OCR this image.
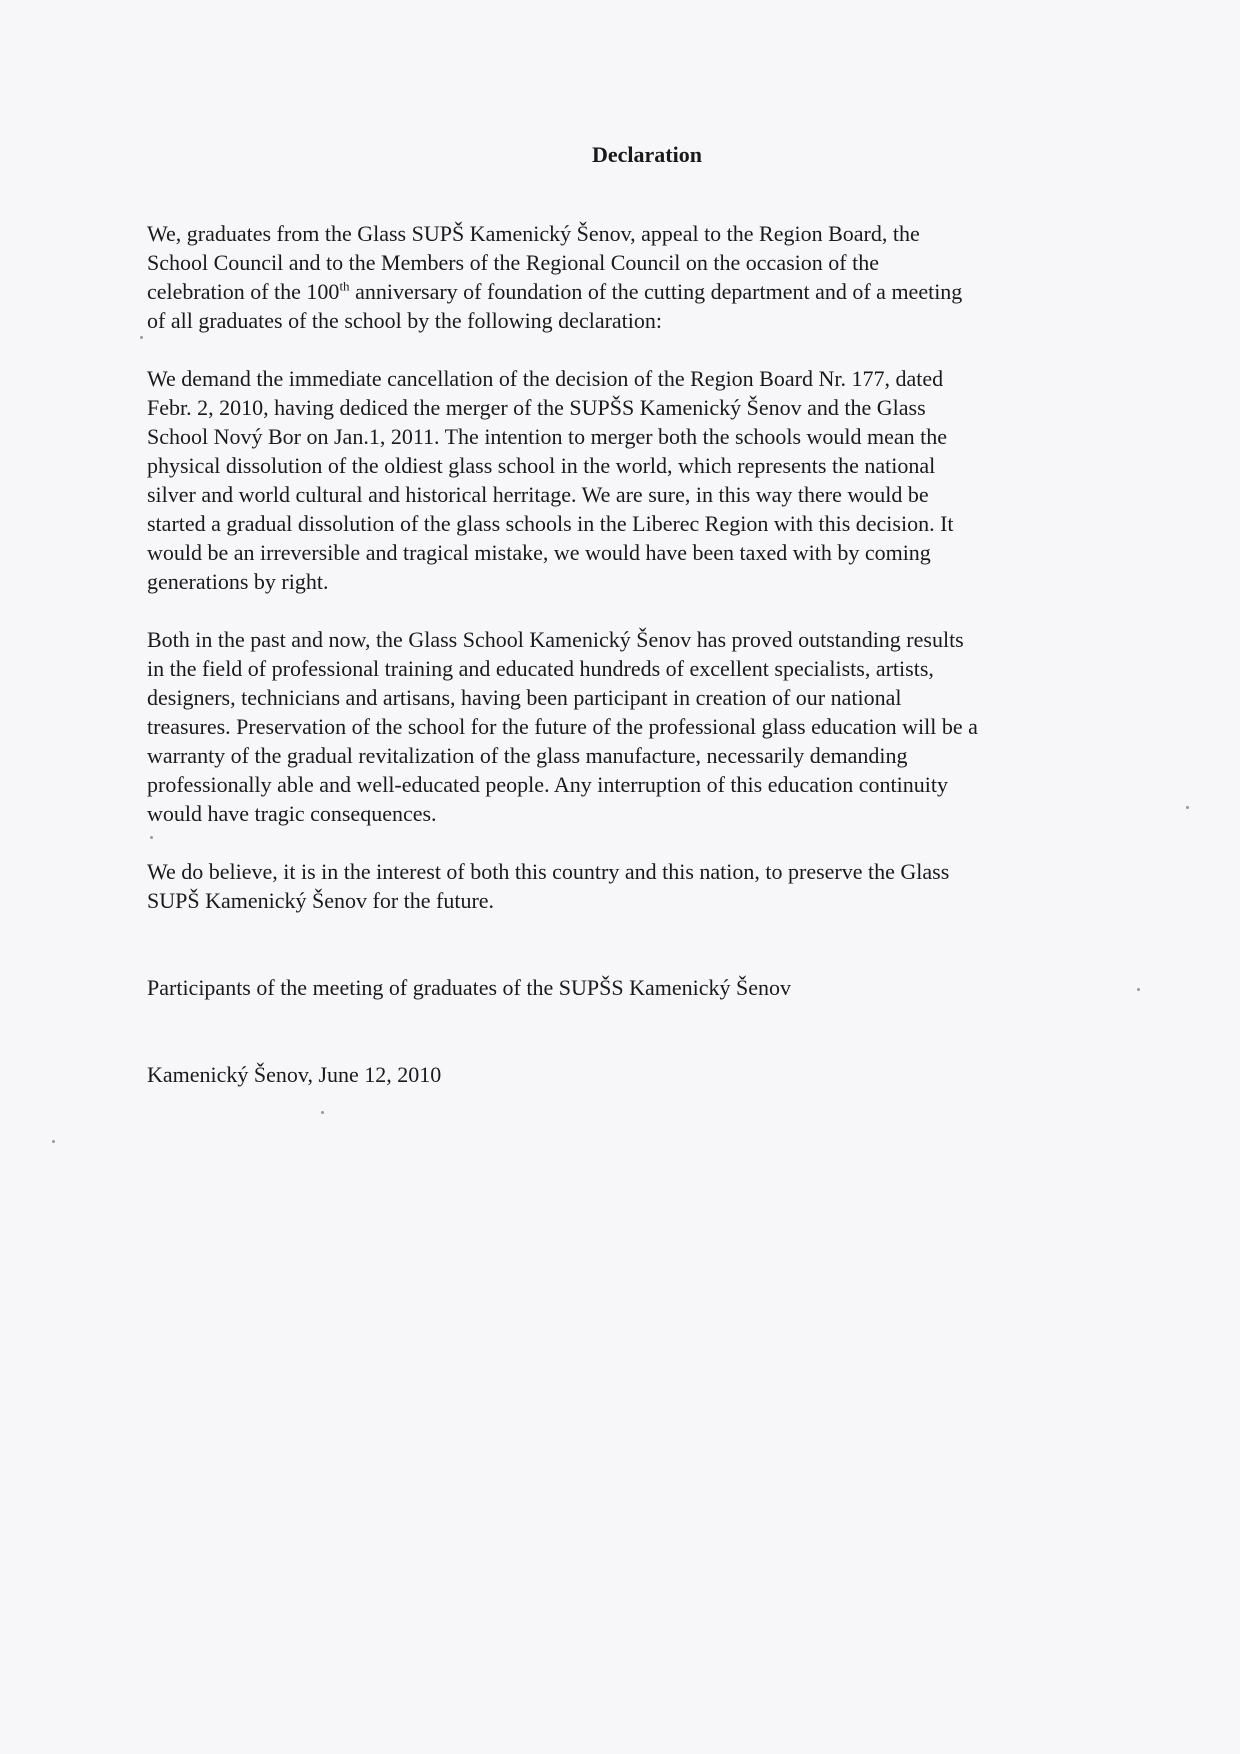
Declaration
We, graduates from the Glass SUPŠ Kamenický Šenov, appeal to the Region Board, the
School Council and to the Members of the Regional Council on the occasion of the
celebration of the 100th anniversary of foundation of the cutting department and of a meeting
of all graduates of the school by the following declaration:
We demand the immediate cancellation of the decision of the Region Board Nr. 177, dated
Febr. 2, 2010, having dediced the merger of the SUPŠS Kamenický Šenov and the Glass
School Nový Bor on Jan.1, 2011. The intention to merger both the schools would mean the
physical dissolution of the oldiest glass school in the world, which represents the national
silver and world cultural and historical herritage. We are sure, in this way there would be
started a gradual dissolution of the glass schools in the Liberec Region with this decision. It
would be an irreversible and tragical mistake, we would have been taxed with by coming
generations by right.
Both in the past and now, the Glass School Kamenický Šenov has proved outstanding results
in the field of professional training and educated hundreds of excellent specialists, artists,
designers, technicians and artisans, having been participant in creation of our national
treasures. Preservation of the school for the future of the professional glass education will be a
warranty of the gradual revitalization of the glass manufacture, necessarily demanding
professionally able and well-educated people. Any interruption of this education continuity
would have tragic consequences.
We do believe, it is in the interest of both this country and this nation, to preserve the Glass
SUPŠ Kamenický Šenov for the future.
Participants of the meeting of graduates of the SUPŠS Kamenický Šenov
Kamenický Šenov, June 12, 2010
